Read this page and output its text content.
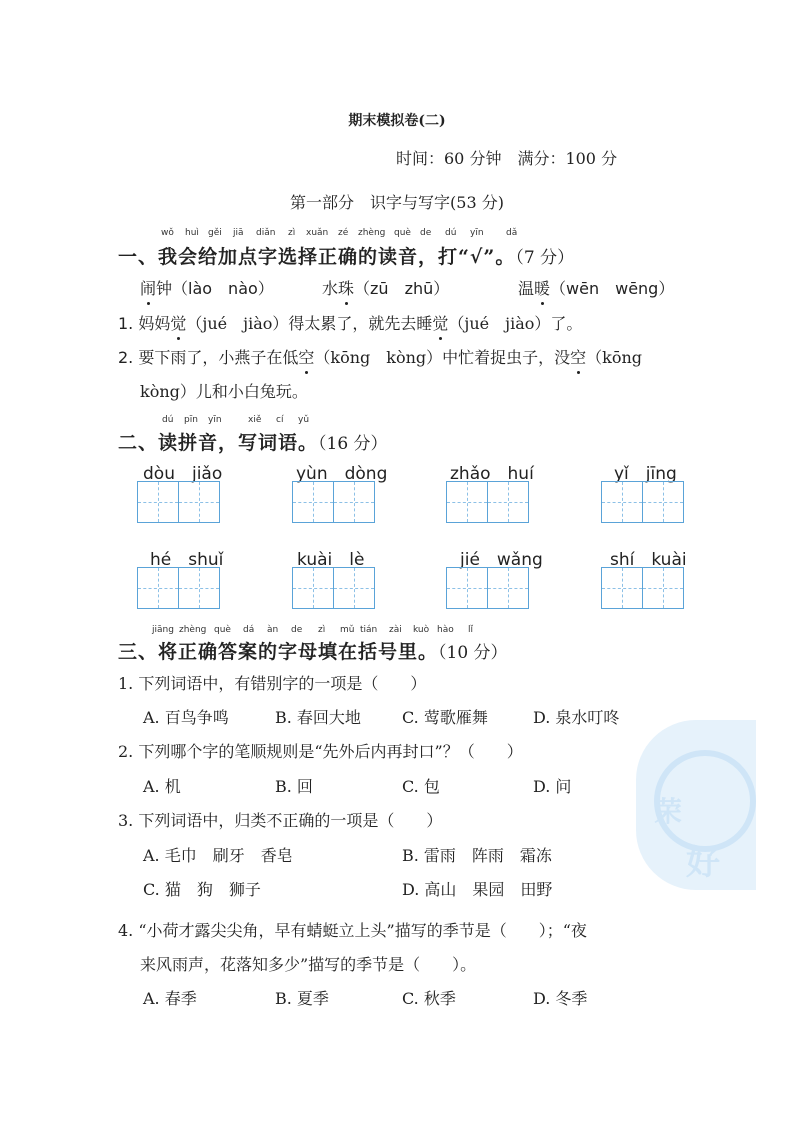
荣
好
期末模拟卷(二)
时间：60 分钟　满分：100 分
第一部分　识字与写字(53 分)
wǒ huì gěi jiā diǎn zì xuǎn zé zhèng què de dú yīn dǎ
一、我会给加点字选择正确的读音，打“√”。（7 分）
闹钟（lào　nào）	水珠（zū　zhū）	温暖（wēn　wēng）
1. 妈妈觉（jué　jiào）得太累了，就先去睡觉（jué　jiào）了。
2. 要下雨了，小燕子在低空（kōng　kòng）中忙着捉虫子，没空（kōng
kòng）儿和小白兔玩。
dú pīn yīn	xiě cí yǔ
二、读拼音，写词语。（16 分）
dòu　jiǎo	yùn　dòng	zhǎo　huí	yǐ　jīng
hé　shuǐ	kuài　lè	jié　wǎng	shí　kuài
jiāng zhèng què dá àn de zì mǔ tián zài kuò hào lǐ
三、将正确答案的字母填在括号里。（10 分）
1. 下列词语中，有错别字的一项是（　　）
A. 百鸟争鸣	B. 春回大地	C. 莺歌雁舞	D. 泉水叮咚
2. 下列哪个字的笔顺规则是“先外后内再封口”？（　　）
A. 机	B. 回	C. 包	D. 问
3. 下列词语中，归类不正确的一项是（　　）
A. 毛巾　刷牙　香皂	B. 雷雨　阵雨　霜冻
C. 猫　狗　狮子	D. 高山　果园　田野
4. “小荷才露尖尖角，早有蜻蜓立上头”描写的季节是（　　）；“夜
来风雨声，花落知多少”描写的季节是（　　）。
A. 春季	B. 夏季	C. 秋季	D. 冬季
